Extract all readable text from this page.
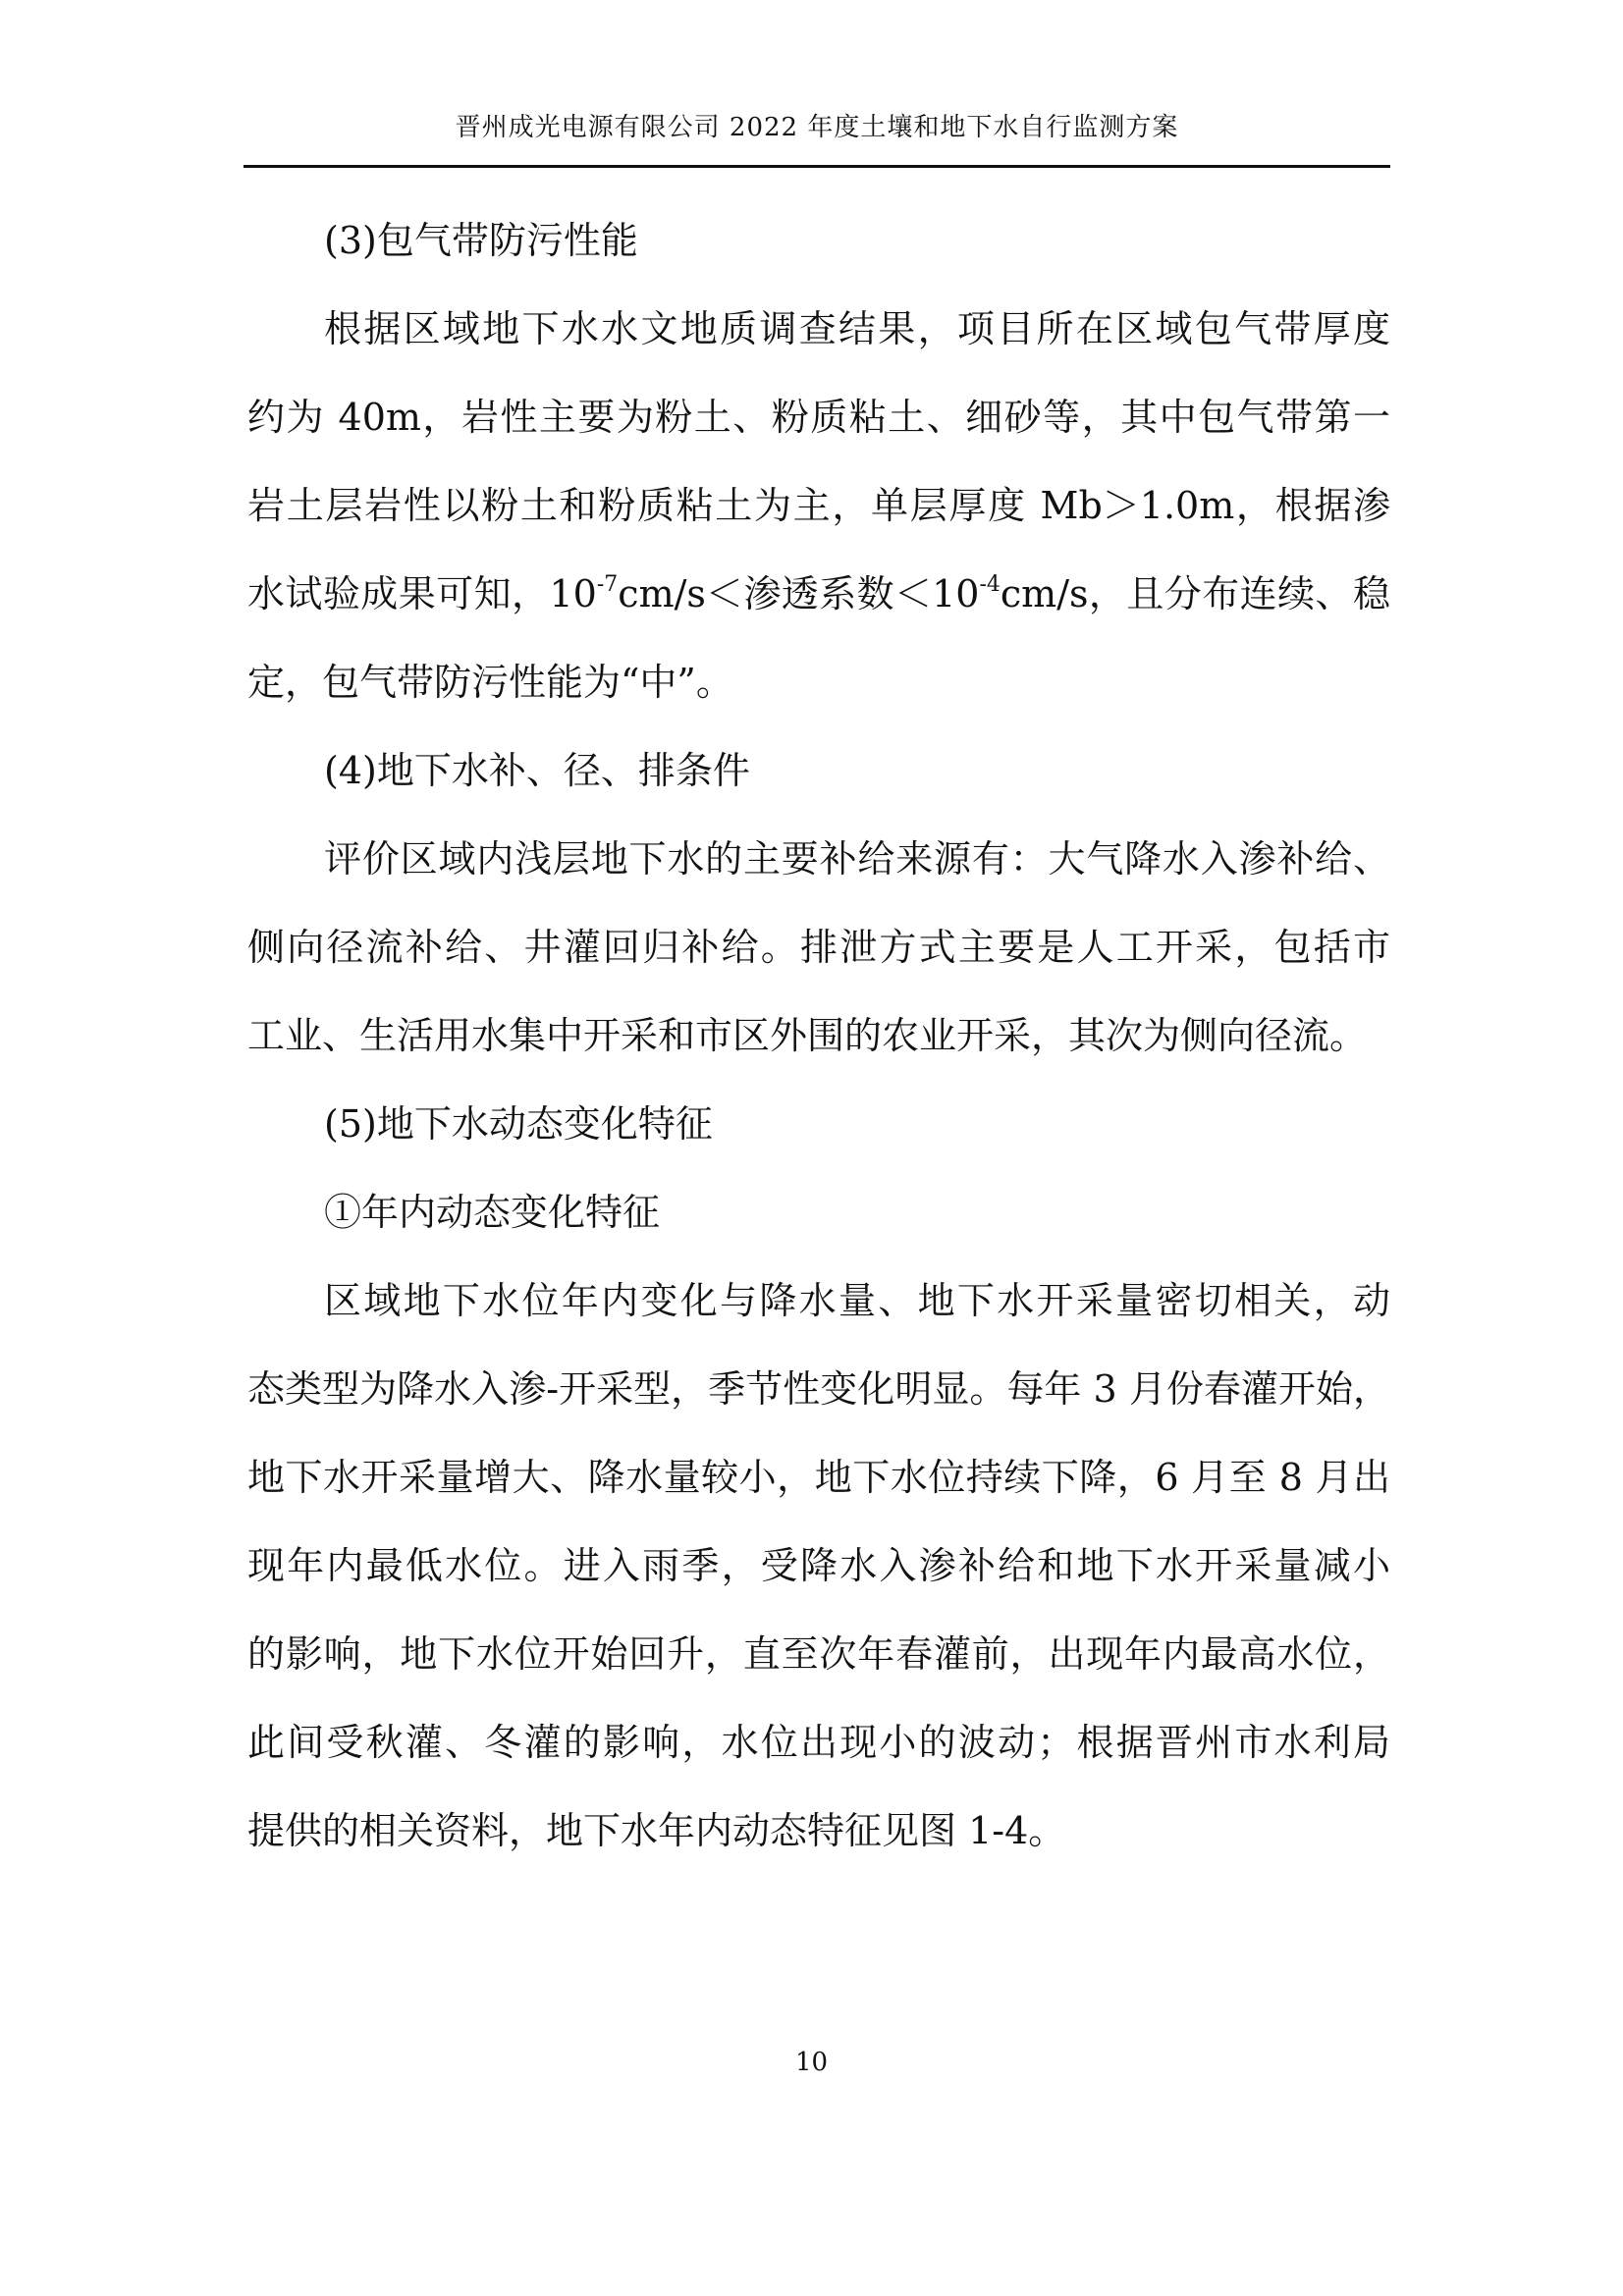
晋州成光电源有限公司 2022 年度土壤和地下水自行监测方案
(3)包气带防污性能
根据区域地下水水文地质调查结果，项目所在区域包气带厚度
约为 40m，岩性主要为粉土、粉质粘土、细砂等，其中包气带第一
岩土层岩性以粉土和粉质粘土为主，单层厚度 Mb＞1.0m，根据渗
水试验成果可知，$10^{-7}cm/s<$渗透系数$<10^{-4}cm/s$，且分布连续、稳
定，包气带防污性能为“中”。
(4)地下水补、径、排条件
评价区域内浅层地下水的主要补给来源有：大气降水入渗补给、
侧向径流补给、井灌回归补给。排泄方式主要是人工开采，包括市
工业、生活用水集中开采和市区外围的农业开采，其次为侧向径流。
(5)地下水动态变化特征
①年内动态变化特征
区域地下水位年内变化与降水量、地下水开采量密切相关，动
态类型为降水入渗-开采型，季节性变化明显。每年 3 月份春灌开始，
地下水开采量增大、降水量较小，地下水位持续下降，6 月至 8 月出
现年内最低水位。进入雨季，受降水入渗补给和地下水开采量减小
的影响，地下水位开始回升，直至次年春灌前，出现年内最高水位，
此间受秋灌、冬灌的影响，水位出现小的波动；根据晋州市水利局
提供的相关资料，地下水年内动态特征见图 1-4。
10
